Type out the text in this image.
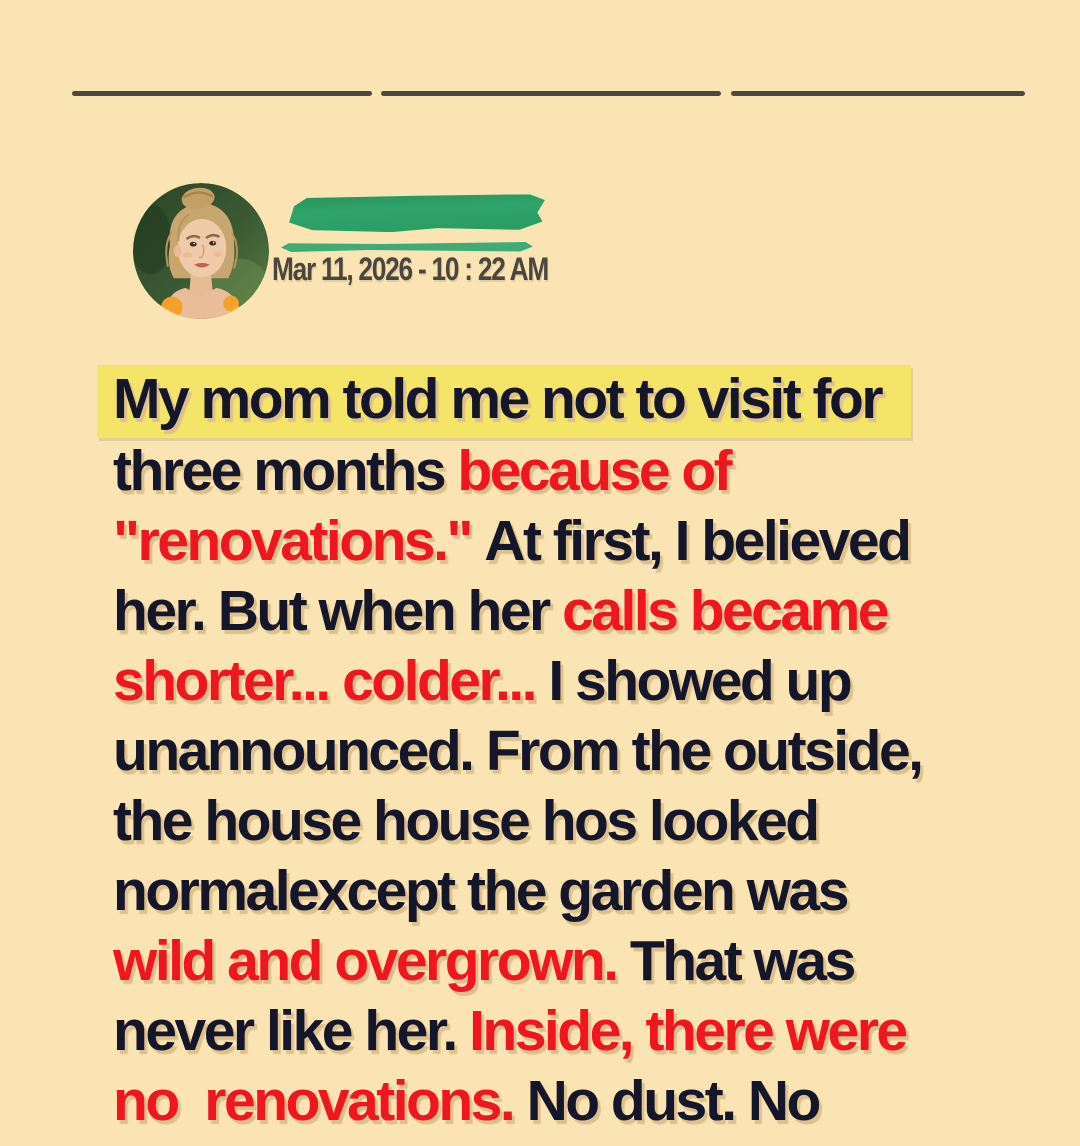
Mar 11, 2026 - 10 : 22 AM
My mom told me not to visit for
three months because of
"renovations." At first, I believed
her. But when her calls became
shorter... colder... I showed up
unannounced. From the outside,
the house house hos looked
normalexcept the garden was
wild and overgrown. That was
never like her. Inside, there were
no  renovations. No dust. No
